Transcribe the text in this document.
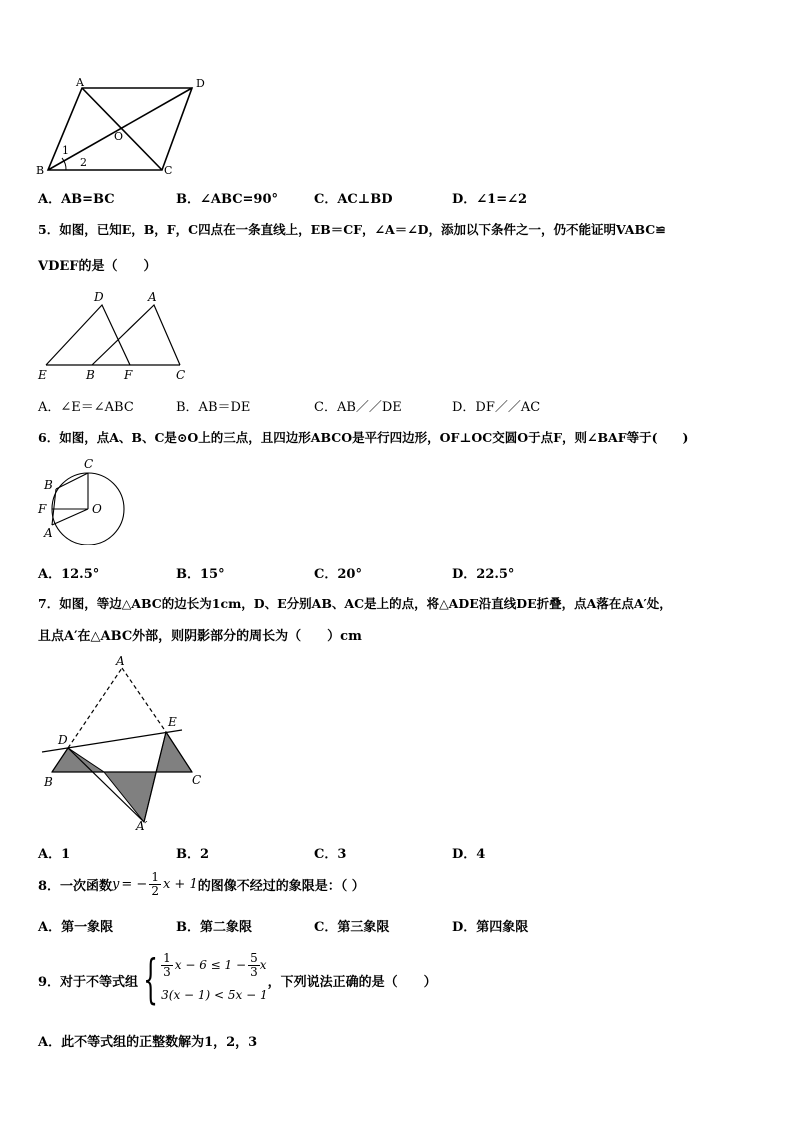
A	D
O
1
2
B	C
A．AB=BC	B．∠ABC=90°	C．AC⊥BD	D．∠1=∠2
5．如图，已知E，B，F，C四点在一条直线上，EB＝CF，∠A＝∠D，添加以下条件之一，仍不能证明VABC≌
VDEF的是（　　）
D	A
E	B F	C
A．∠E＝∠ABC	B．AB＝DE	C．AB／／DE	D．DF／／AC
6．如图，点A、B、C是⊙O上的三点，且四边形ABCO是平行四边形，OF⊥OC交圆O于点F，则∠BAF等于(　　)
C
B
F	O
A
A．12.5°	B．15°	C．20°	D．22.5°
7．如图，等边△ABC的边长为1cm，D、E分别AB、AC是上的点，将△ADE沿直线DE折叠，点A落在点A′处，
且点A′在△ABC外部，则阴影部分的周长为（　　）cm
A
E
D
B	C
A′
A．1	B．2	C．3	D．4
8．一次函数 y = − $\frac{1}{2}$ x + 1 的图像不经过的象限是：（ ）
A．第一象限	B．第二象限	C．第三象限	D．第四象限
9．对于不等式组 { $\frac{1}{3}$ $x - 6 \le 1 - \frac{5}{3}$ x
3(x − 1) < 5x − 1
，下列说法正确的是（　　）
A．此不等式组的正整数解为1，2，3
